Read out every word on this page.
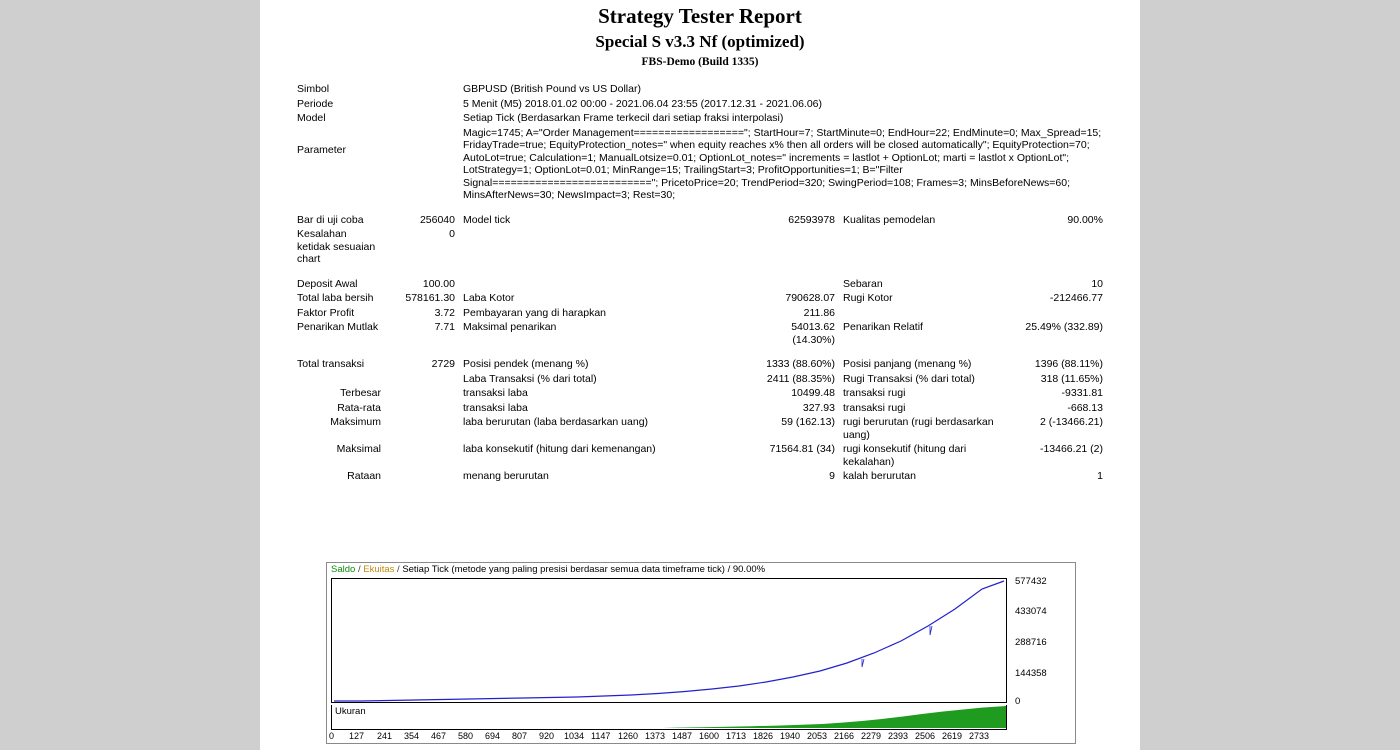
Strategy Tester Report
Special S v3.3 Nf (optimized)
FBS-Demo (Build 1335)
Simbol		GBPUSD (British Pound vs US Dollar)			
Periode		5 Menit (M5) 2018.01.02 00:00 - 2021.06.04 23:55 (2017.12.31 - 2021.06.06)			
Model		Setiap Tick (Berdasarkan Frame terkecil dari setiap fraksi interpolasi)			
Parameter		
Magic=1745; A="Order Management=================="; StartHour=7; StartMinute=0; EndHour=22; EndMinute=0; Max_Spread=15;
FridayTrade=true; EquityProtection_notes=" when equity reaches x% then all orders will be closed automatically"; EquityProtection=70;
AutoLot=true; Calculation=1; ManualLotsize=0.01; OptionLot_notes=" increments = lastlot + OptionLot; marti = lastlot x OptionLot";
LotStrategy=1; OptionLot=0.01; MinRange=15; TrailingStart=3; ProfitOpportunities=1; B="Filter
Signal=========================="; PricetoPrice=20; TrendPeriod=320; SwingPeriod=108; Frames=3; MinsBeforeNews=60;
MinsAfterNews=30; NewsImpact=3; Rest=30;

Bar di uji coba	256040	Model tick	62593978	Kualitas pemodelan	90.00%
Kesalahan ketidak sesuaian chart	0				

Deposit Awal	100.00			Sebaran	10
Total laba bersih	578161.30	Laba Kotor	790628.07	Rugi Kotor	-212466.77
Faktor Profit	3.72	Pembayaran yang di harapkan	211.86		
Penarikan Mutlak	7.71	Maksimal penarikan	54013.62 (14.30%)	Penarikan Relatif	25.49% (332.89)

Total transaksi	2729	Posisi pendek (menang %)	1333 (88.60%)	Posisi panjang (menang %)	1396 (88.11%)
		Laba Transaksi (% dari total)	2411 (88.35%)	Rugi Transaksi (% dari total)	318 (11.65%)
Terbesar		transaksi laba	10499.48	transaksi rugi	-9331.81
Rata-rata		transaksi laba	327.93	transaksi rugi	-668.13
Maksimum		laba berurutan (laba berdasarkan uang)	59 (162.13)	rugi berurutan (rugi berdasarkan uang)	2 (-13466.21)
Maksimal		laba konsekutif (hitung dari kemenangan)	71564.81 (34)	rugi konsekutif (hitung dari kekalahan)	-13466.21 (2)
Rataan		menang berurutan	9	kalah berurutan	1
Saldo / Ekuitas / Setiap Tick (metode yang paling presisi berdasar semua data timeframe tick) / 90.00%
577432
433074
288716
144358
0
Ukuran
0 127 241 354 467 580 694 807 920 1034 1147 1260 1373 1487 1600 1713 1826 1940 2053 2166 2279 2393 2506 2619 2733
